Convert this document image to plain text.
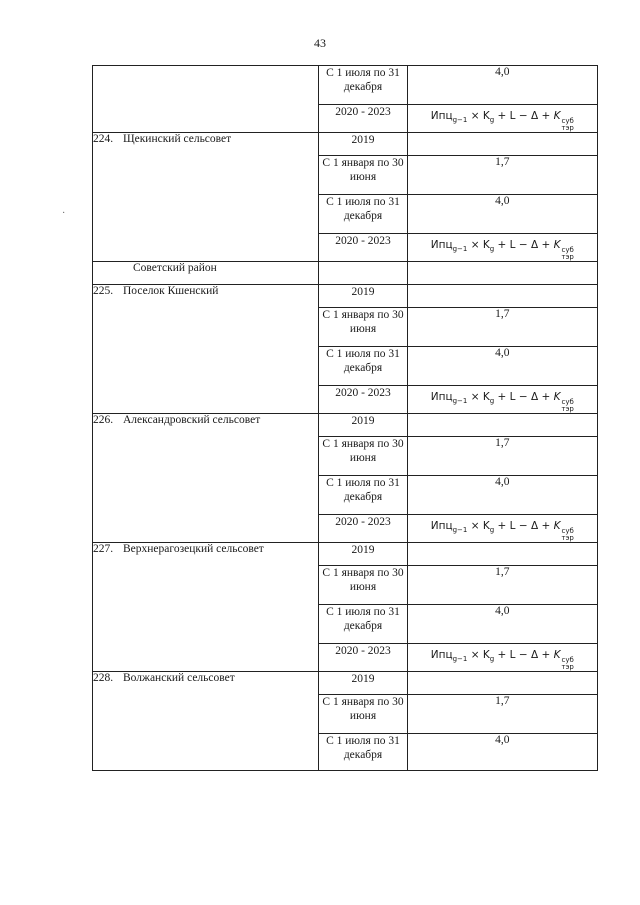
43
	С 1 июля по 31 декабря	4,0
	2020 - 2023	$Ипц_{g-1} \times K_g + L - \Delta + K$ суб
тэр

224. Щекинский сельсовет	2019	
	С 1 января по 30 июня	1,7
	С 1 июля по 31 декабря	4,0
	2020 - 2023	$Ипц_{g-1} \times K_g + L - \Delta + K$ суб
тэр

Советский район		
225. Поселок Кшенский	2019	
	С 1 января по 30 июня	1,7
	С 1 июля по 31 декабря	4,0
	2020 - 2023	$Ипц_{g-1} \times K_g + L - \Delta + K$ суб
тэр

226. Александровский сельсовет	2019	
	С 1 января по 30 июня	1,7
	С 1 июля по 31 декабря	4,0
	2020 - 2023	$Ипц_{g-1} \times K_g + L - \Delta + K$ суб
тэр

227. Верхнерагозецкий сельсовет	2019	
	С 1 января по 30 июня	1,7
	С 1 июля по 31 декабря	4,0
	2020 - 2023	$Ипц_{g-1} \times K_g + L - \Delta + K$ суб
тэр

228. Волжанский сельсовет	2019	
	С 1 января по 30 июня	1,7
	С 1 июля по 31 декабря	4,0
·
